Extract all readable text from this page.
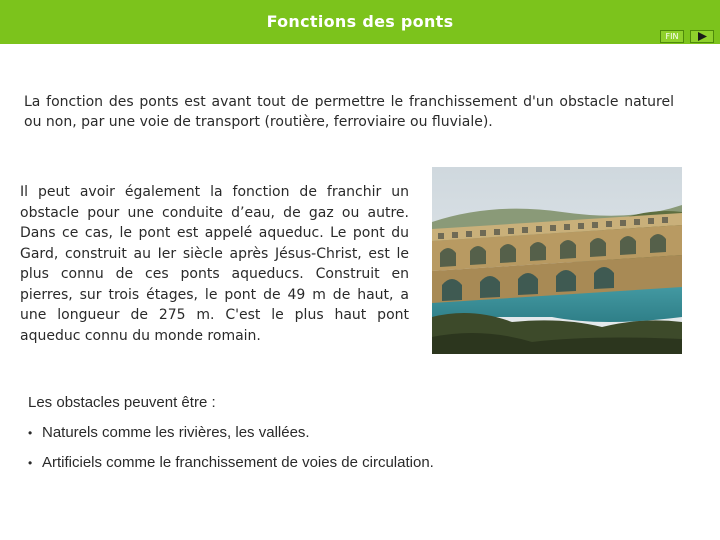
Fonctions des ponts
FIN

La fonction des ponts est avant tout de permettre le franchissement d'un obstacle naturel ou non, par une voie de transport (routière, ferroviaire ou fluviale).

Il peut avoir également la fonction de franchir un obstacle pour une conduite d’eau, de gaz ou autre. Dans ce cas, le pont est appelé aqueduc. Le pont du Gard, construit au Ier siècle après Jésus-Christ, est le plus connu de ces ponts aqueducs. Construit en pierres, sur trois étages, le pont de 49 m de haut, a une longueur de 275 m. C'est le plus haut pont aqueduc connu du monde romain.

Les obstacles peuvent être :

• Naturels comme les rivières, les vallées.
• Artificiels comme le franchissement de voies de circulation.
